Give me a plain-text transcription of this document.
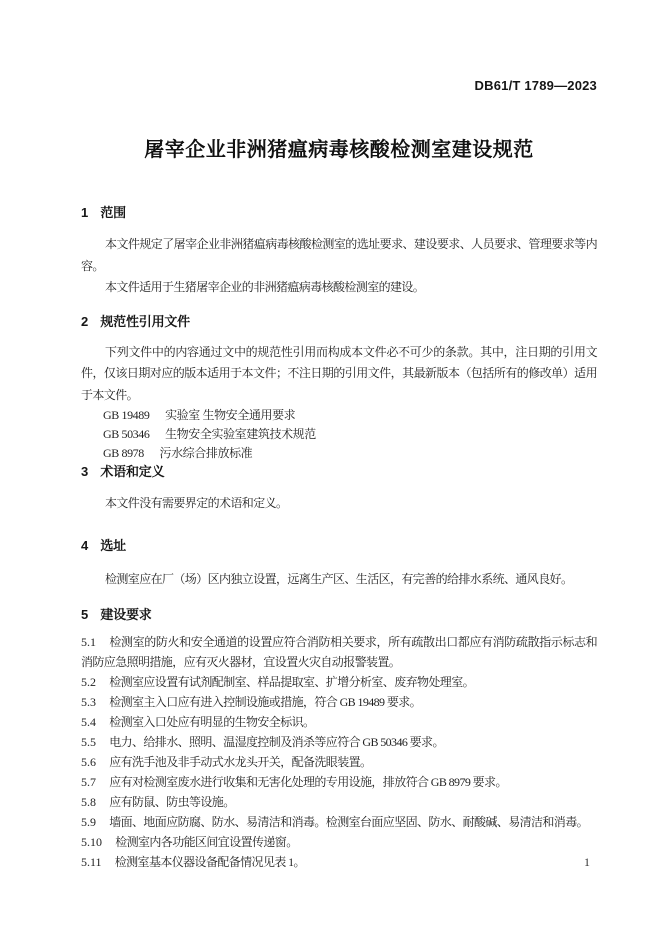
DB61/T 1789—2023
屠宰企业非洲猪瘟病毒核酸检测室建设规范
1 范围
本文件规定了屠宰企业非洲猪瘟病毒核酸检测室的选址要求、建设要求、人员要求、管理要求等内容。
本文件适用于生猪屠宰企业的非洲猪瘟病毒核酸检测室的建设。
2 规范性引用文件
下列文件中的内容通过文中的规范性引用而构成本文件必不可少的条款。其中，注日期的引用文件，仅该日期对应的版本适用于本文件；不注日期的引用文件，其最新版本（包括所有的修改单）适用于本文件。
GB 19489 实验室 生物安全通用要求
GB 50346 生物安全实验室建筑技术规范
GB 8978 污水综合排放标准
3 术语和定义
本文件没有需要界定的术语和定义。
4 选址
检测室应在厂（场）区内独立设置，远离生产区、生活区，有完善的给排水系统、通风良好。
5 建设要求
5.1 检测室的防火和安全通道的设置应符合消防相关要求，所有疏散出口都应有消防疏散指示标志和消防应急照明措施，应有灭火器材，宜设置火灾自动报警装置。
5.2 检测室应设置有试剂配制室、样品提取室、扩增分析室、废弃物处理室。
5.3 检测室主入口应有进入控制设施或措施，符合 GB 19489 要求。
5.4 检测室入口处应有明显的生物安全标识。
5.5 电力、给排水、照明、温湿度控制及消杀等应符合 GB 50346 要求。
5.6 应有洗手池及非手动式水龙头开关，配备洗眼装置。
5.7 应有对检测室废水进行收集和无害化处理的专用设施，排放符合 GB 8979 要求。
5.8 应有防鼠、防虫等设施。
5.9 墙面、地面应防腐、防水、易清洁和消毒。检测室台面应坚固、防水、耐酸碱、易清洁和消毒。
5.10 检测室内各功能区间宜设置传递窗。
5.11 检测室基本仪器设备配备情况见表 1。	1
